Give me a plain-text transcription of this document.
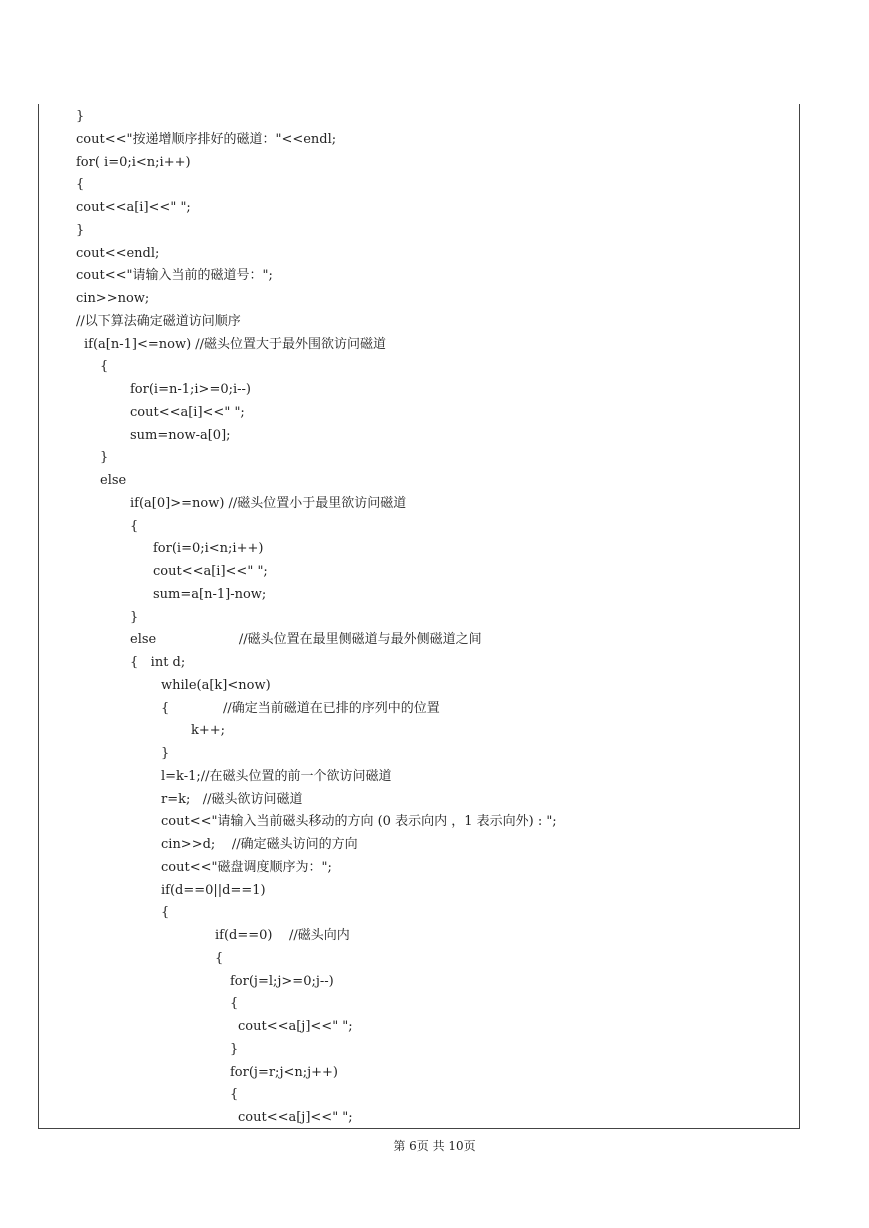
}
cout<<"按递增顺序排好的磁道："<<endl;
for( i=0;i<n;i++)
{
cout<<a[i]<<" ";
}
cout<<endl;
cout<<"请输入当前的磁道号：";
cin>>now;
//以下算法确定磁道访问顺序
if(a[n-1]<=now) //磁头位置大于最外围欲访问磁道
{
for(i=n-1;i>=0;i--)
cout<<a[i]<<" ";
sum=now-a[0];
}
else
if(a[0]>=now) //磁头位置小于最里欲访问磁道
{
for(i=0;i<n;i++)
cout<<a[i]<<" ";
sum=a[n-1]-now;
}
else                    //磁头位置在最里侧磁道与最外侧磁道之间
{   int d;
while(a[k]<now)
{             //确定当前磁道在已排的序列中的位置
k++;
}
l=k-1;//在磁头位置的前一个欲访问磁道
r=k;   //磁头欲访问磁道
cout<<"请输入当前磁头移动的方向 (0 表示向内 ，1 表示向外) : ";
cin>>d;    //确定磁头访问的方向
cout<<"磁盘调度顺序为：";
if(d==0||d==1)
{
if(d==0)    //磁头向内
{
for(j=l;j>=0;j--)
{
cout<<a[j]<<" ";
}
for(j=r;j<n;j++)
{
cout<<a[j]<<" ";
第 6页 共 10页
